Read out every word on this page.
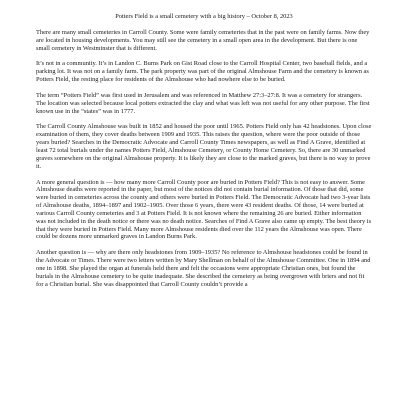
Potters Field is a small cemetery with a big history – October 8, 2023

There are many small cemeteries in Carroll County. Some were family cemeteries that in the past were on family farms. Now they are located in housing developments. You may still see the cemetery in a small open area in the development. But there is one small cemetery in Westminster that is different.

It’s not in a community. It’s in Landon C. Burns Park on Gist Road close to the Carroll Hospital Center, two baseball fields, and a parking lot. It was not on a family farm. The park property was part of the original Almshouse Farm and the cemetery is known as Potters Field, the resting place for residents of the Almshouse who had nowhere else to be buried.

The term “Potters Field” was first used in Jerusalem and was referenced in Matthew 27:3–27:8. It was a cemetery for strangers. The location was selected because local potters extracted the clay and what was left was not useful for any other purpose. The first known use in the “states” was in 1777.

The Carroll County Almshouse was built in 1852 and housed the poor until 1965. Potters Field only has 42 headstones. Upon close examination of them, they cover deaths between 1909 and 1935. This raises the question, where were the poor outside of those years buried? Searches in the Democratic Advocate and Carroll County Times newspapers, as well as Find A Grave, identified at least 72 total burials under the names Potters Field, Almshouse Cemetery, or County Home Cemetery. So, there are 30 unmarked graves somewhere on the original Almshouse property. It is likely they are close to the marked graves, but there is no way to prove it.

A more general question is — how many more Carroll County poor are buried in Potters Field? This is not easy to answer. Some Almshouse deaths were reported in the paper, but most of the notices did not contain burial information. Of those that did, some were buried in cemeteries across the county and others were buried in Potters Field. The Democratic Advocate had two 3-year lists of Almshouse deaths, 1894–1897 and 1902–1905. Over those 6 years, there were 43 resident deaths. Of those, 14 were buried at various Carroll County cemeteries and 3 at Potters Field. It is not known where the remaining 26 are buried. Either information was not included in the death notice or there was no death notice. Searches of Find A Grave also came up empty. The best theory is that they were buried in Potters Field. Many more Almshouse residents died over the 112 years the Almshouse was open. There could be dozens more unmarked graves in Landon Burns Park.

Another question is — why are there only headstones from 1909–1935? No reference to Almshouse headstones could be found in the Advocate or Times. There were two letters written by Mary Shellman on behalf of the Almshouse Committee. One in 1894 and one in 1898. She played the organ at funerals held there and felt the occasions were appropriate Christian ones, but found the burials in the Almshouse cemetery to be quite inadequate. She described the cemetery as being overgrown with briers and not fit for a Christian burial. She was disappointed that Carroll County couldn’t provide a
